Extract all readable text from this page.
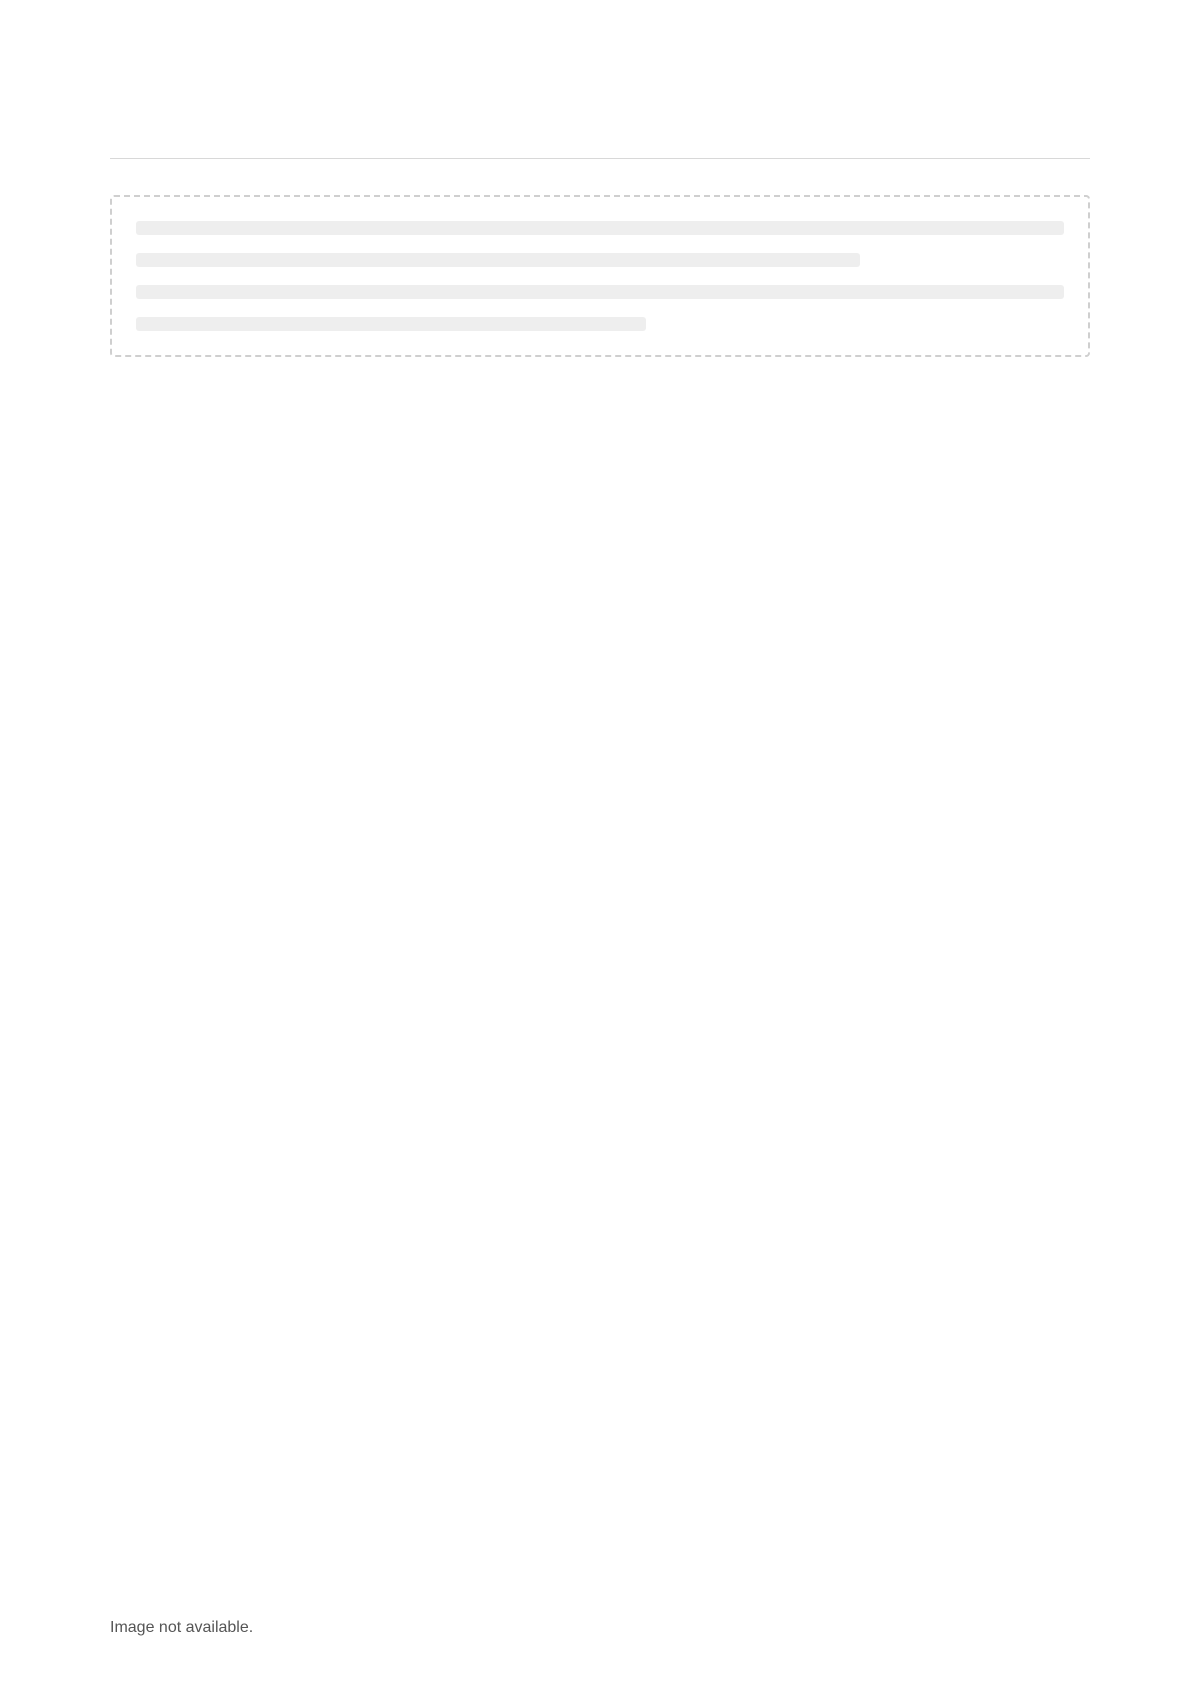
Image not available.
